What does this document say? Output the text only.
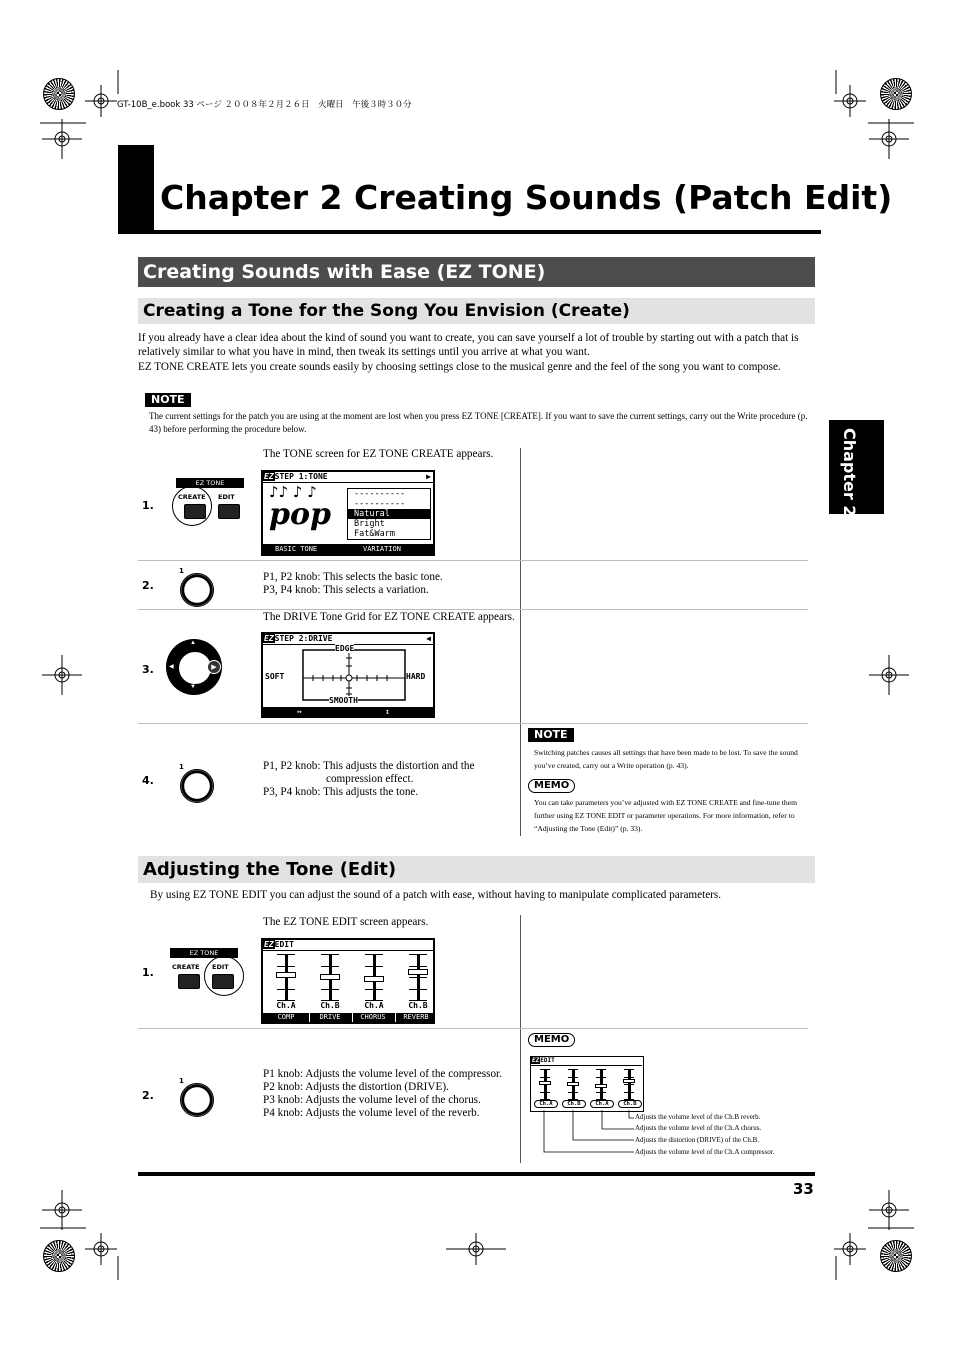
GT-10B_e.book 33 ページ ２００８年２月２６日　火曜日　午後３時３０分
Chapter 2 Creating Sounds (Patch Edit)
Chapter 2
Creating Sounds with Ease (EZ TONE)
Creating a Tone for the Song You Envision (Create)
If you already have a clear idea about the kind of sound you want to create, you can save yourself a lot of trouble by starting out with a patch that is relatively similar to what you have in mind, then tweak its settings until you arrive at what you want.
EZ TONE CREATE lets you create sounds easily by choosing settings close to the musical genre and the feel of the song you want to compose.
NOTE
The current settings for the patch you are using at the moment are lost when you press EZ TONE [CREATE]. If you want to save the current settings, carry out the Write procedure (p. 43) before performing the procedure below.
1.
EZ TONE
CREATE EDIT
The TONE screen for EZ TONE CREATE appears.
EZSTEP 1:TONE	▶
pop
♪♪ ♪ ♪	----------
----------
Natural
Bright
Fat&Warm
BASIC TONE	VARIATION
2.
1	P1, P2 knob: This selects the basic tone.
P3, P4 knob: This selects a variation.
3.	▶
▲
▼
◀
The DRIVE Tone Grid for EZ TONE CREATE appears.
EZSTEP 2:DRIVE	◀
EDGE
SMOOTH
SOFT	HARD
↔	↕
4.
1	P1, P2 knob: This adjusts the distortion and the
compression effect.
P3, P4 knob: This adjusts the tone.
NOTE
Switching patches causes all settings that have been made to be lost. To save the sound you’ve created, carry out a Write operation (p. 43).
MEMO
You can take parameters you’ve adjusted with EZ TONE CREATE and fine-tune them further using EZ TONE EDIT or parameter operations. For more information, refer to “Adjusting the Tone (Edit)” (p. 33).
Adjusting the Tone (Edit)
By using EZ TONE EDIT you can adjust the sound of a patch with ease, without having to manipulate complicated parameters.
1.
EZ TONE
CREATE EDIT
The EZ TONE EDIT screen appears.
EZEDIT
Ch.A	Ch.B	Ch.A	Ch.B
COMP	DRIVE	CHORUS	REVERB
2.
1
P1 knob: Adjusts the volume level of the compressor.
P2 knob: Adjusts the distortion (DRIVE).
P3 knob: Adjusts the volume level of the chorus.
P4 knob: Adjusts the volume level of the reverb.
MEMO
EZEDIT
Ch.A	Ch.B	Ch.A	Ch.B
Adjusts the volume level of the Ch.B reverb.
Adjusts the volume level of the Ch.A chorus.
Adjusts the distortion (DRIVE) of the Ch.B.
Adjusts the volume level of the Ch.A compressor.
33
